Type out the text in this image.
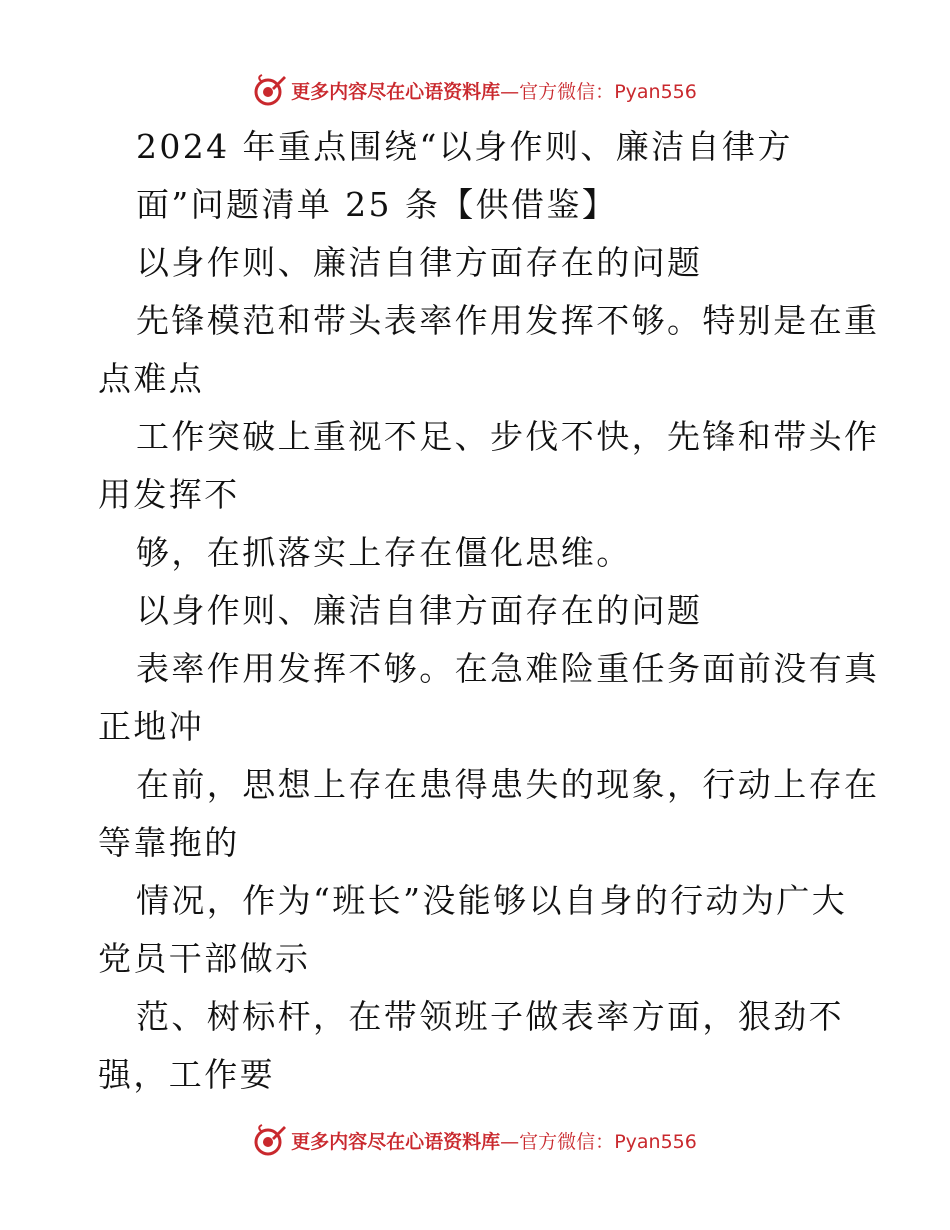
更多内容尽在心语资料库—官方微信：Pyan556

2024 年重点围绕“以身作则、廉洁自律方

面”问题清单 25 条【供借鉴】

以身作则、廉洁自律方面存在的问题

先锋模范和带头表率作用发挥不够。特别是在重

点难点

工作突破上重视不足、步伐不快，先锋和带头作

用发挥不

够，在抓落实上存在僵化思维。

以身作则、廉洁自律方面存在的问题

表率作用发挥不够。在急难险重任务面前没有真

正地冲

在前，思想上存在患得患失的现象，行动上存在

等靠拖的

情况，作为“班长”没能够以自身的行动为广大

党员干部做示

范、树标杆，在带领班子做表率方面，狠劲不

强，工作要

更多内容尽在心语资料库—官方微信：Pyan556
